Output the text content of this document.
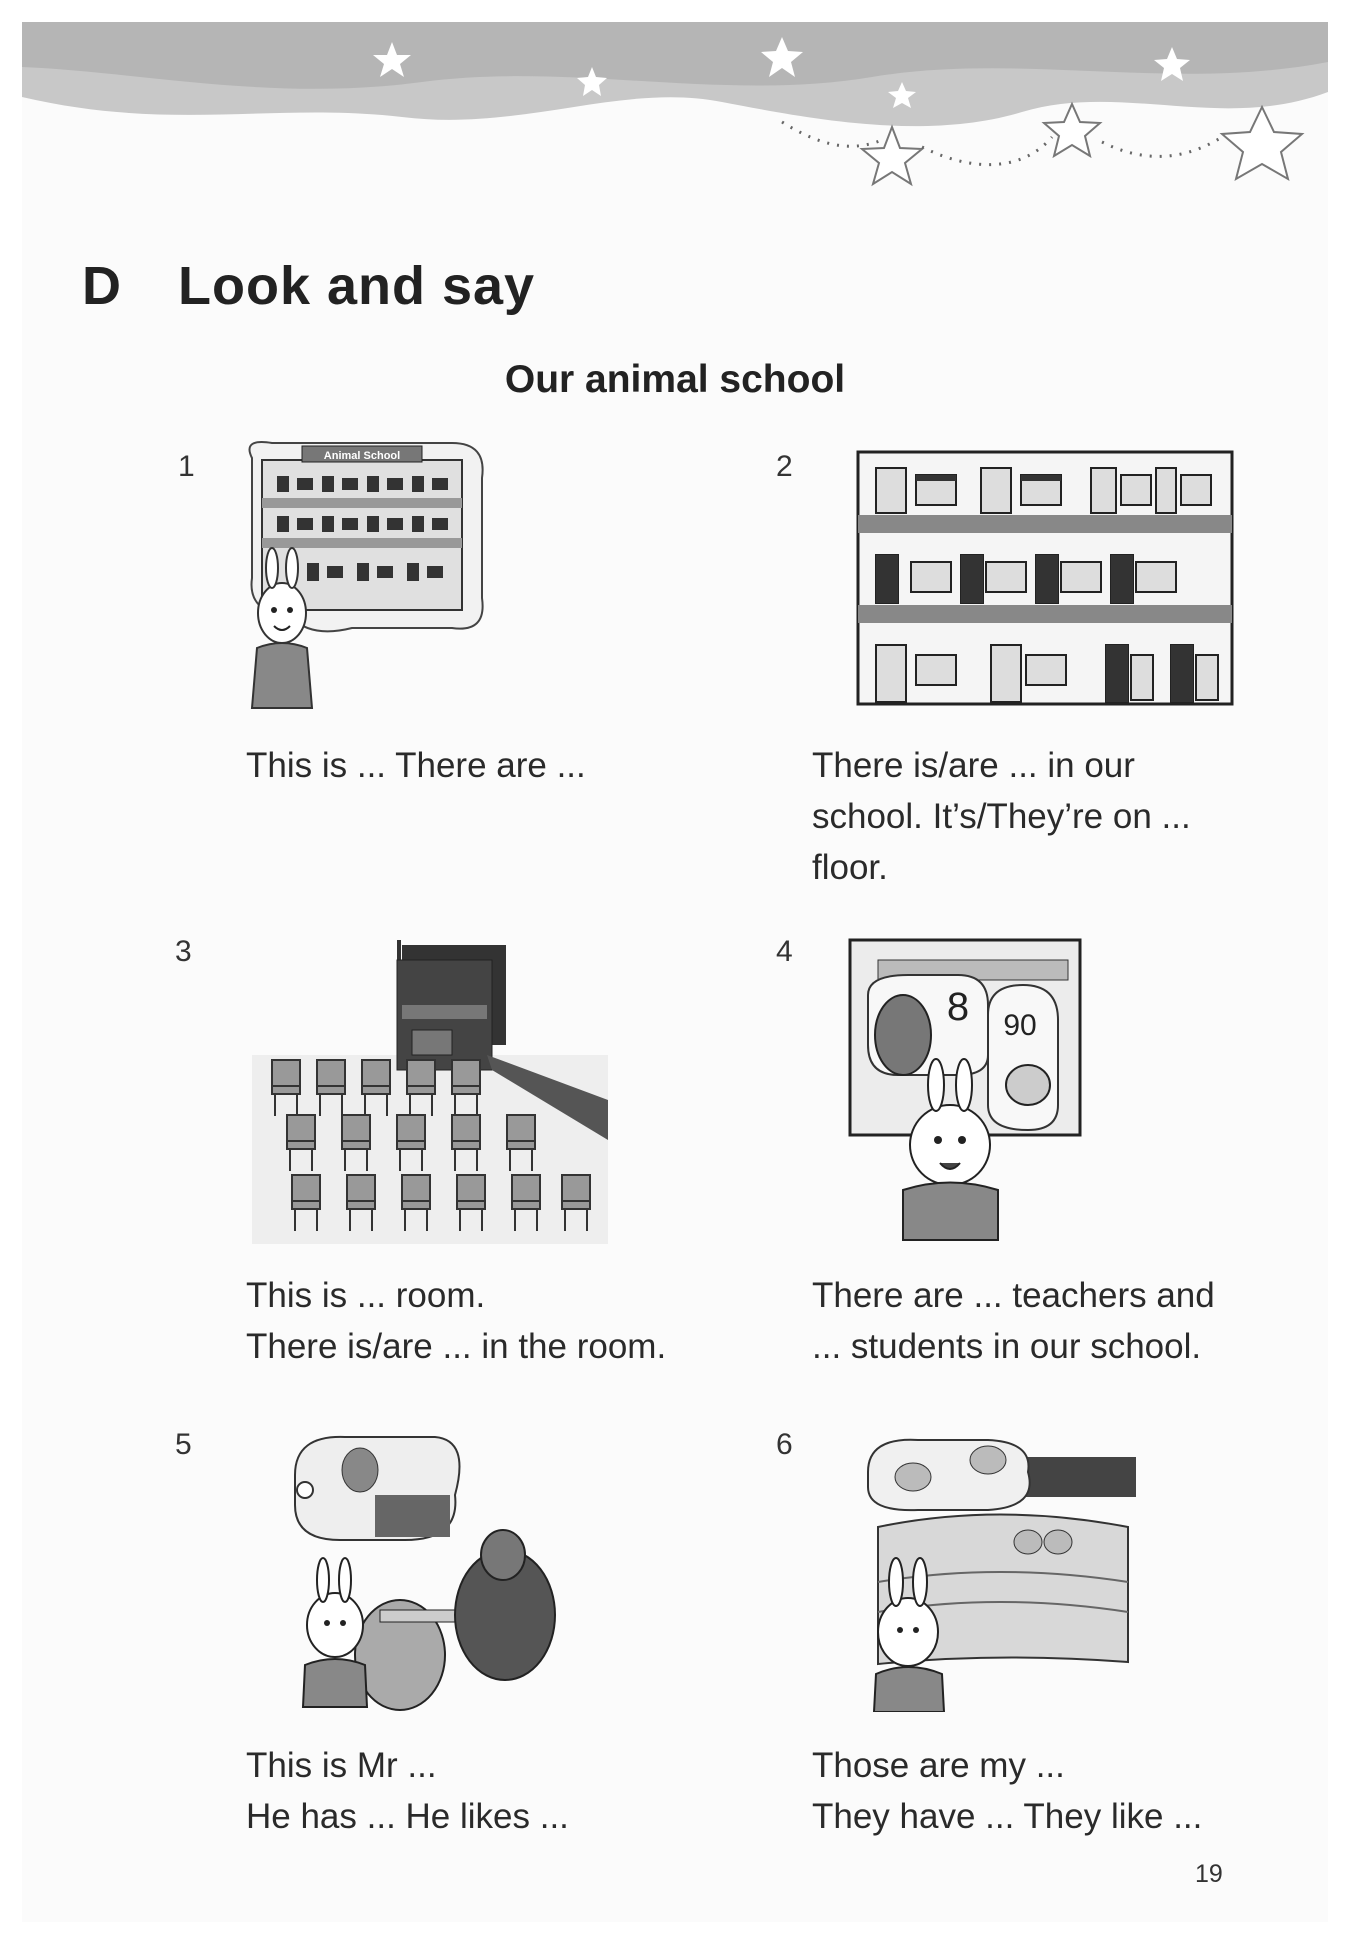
D Look and say
Our animal school
1	Animal School
This is ... There are ...
2
There is/are ... in our
school. It’s/They’re on ...
floor.
3
This is ... room.
There is/are ... in the room.
4
8 90
There are ... teachers and
... students in our school.
5
This is Mr ...
He has ... He likes ...
6
Those are my ...
They have ... They like ...
19
